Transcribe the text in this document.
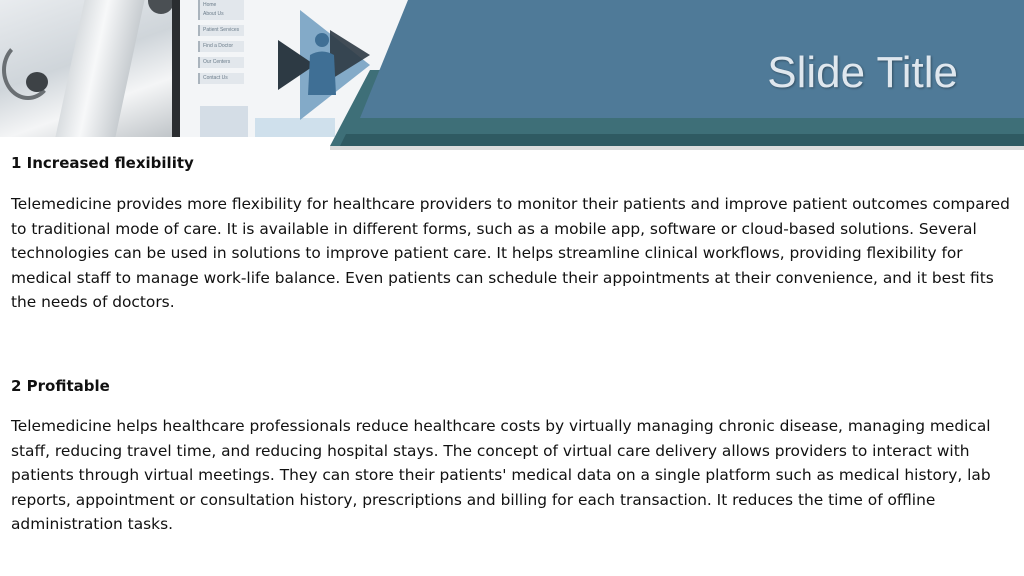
Home
About Us
Patient Services
Find a Doctor
Our Centers
Contact Us	Slide Title

1 Increased flexibility

Telemedicine provides more flexibility for healthcare providers to monitor their patients and improve patient outcomes compared to traditional mode of care. It is available in different forms, such as a mobile app, software or cloud-based solutions. Several technologies can be used in solutions to improve patient care. It helps streamline clinical workflows, providing flexibility for medical staff to manage work-life balance. Even patients can schedule their appointments at their convenience, and it best fits the needs of doctors.

2 Profitable

Telemedicine helps healthcare professionals reduce healthcare costs by virtually managing chronic disease, managing medical staff, reducing travel time, and reducing hospital stays. The concept of virtual care delivery allows providers to interact with patients through virtual meetings. They can store their patients' medical data on a single platform such as medical history, lab reports, appointment or consultation history, prescriptions and billing for each transaction. It reduces the time of offline administration tasks.
